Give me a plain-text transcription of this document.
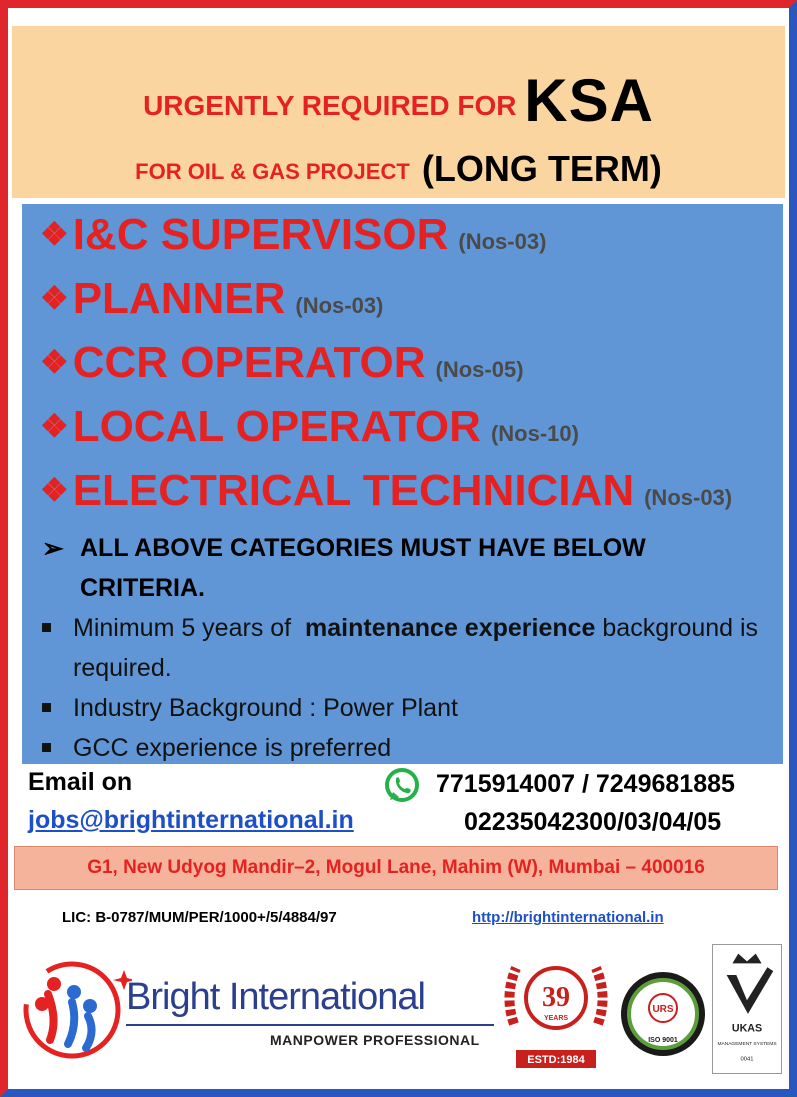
URGENTLY REQUIRED FOR KSA
FOR OIL & GAS PROJECT (LONG TERM)
❖I&C SUPERVISOR (Nos-03)
❖PLANNER (Nos-03)
❖CCR OPERATOR (Nos-05)
❖LOCAL OPERATOR (Nos-10)
❖ELECTRICAL TECHNICIAN (Nos-03)
➢ ALL ABOVE CATEGORIES MUST HAVE BELOW CRITERIA.
Minimum 5 years of maintenance experience background is required.
Industry Background : Power Plant
GCC experience is preferred
Email on
jobs@brightinternational.in
7715914007 / 7249681885
02235042300/03/04/05
G1, New Udyog Mandir–2, Mogul Lane, Mahim (W), Mumbai – 400016
LIC: B-0787/MUM/PER/1000+/5/4884/97	http://brightinternational.in
Bright International
MANPOWER PROFESSIONAL
39
YEARS
ESTD:1984
URS
ISO 9001
UKAS
MANAGEMENT SYSTEMS
0041
